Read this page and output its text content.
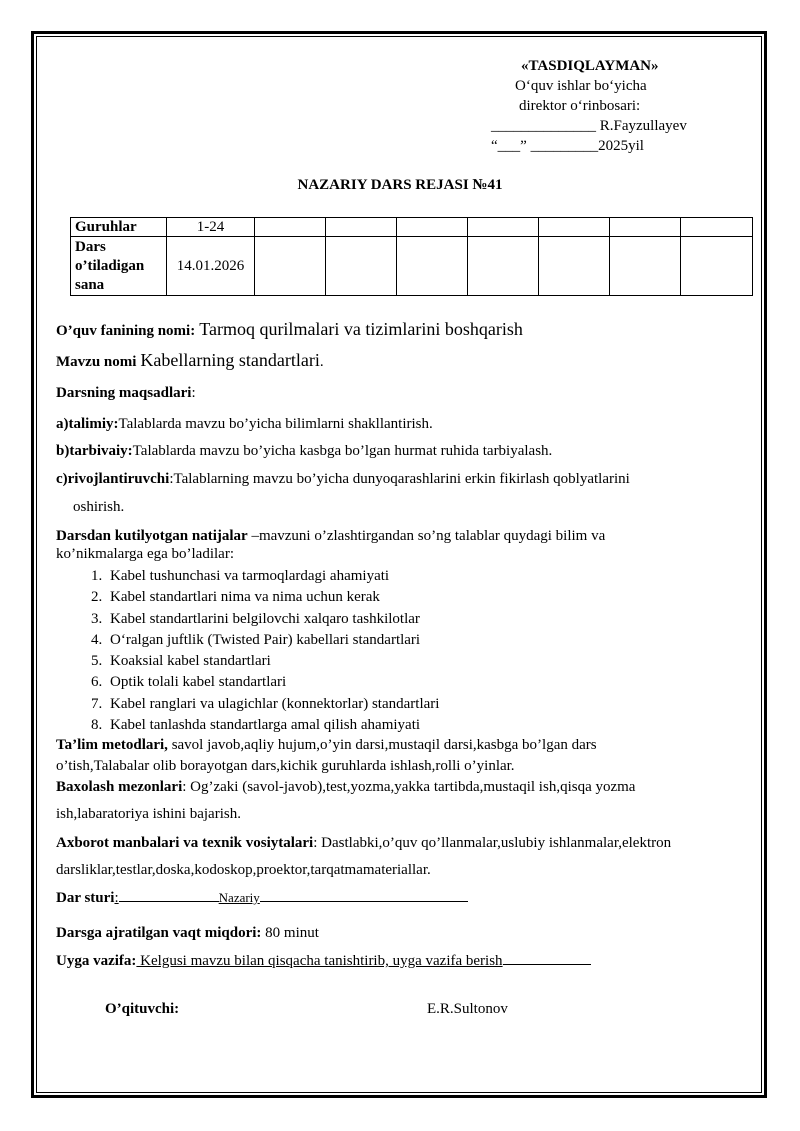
«TASDIQLAYMAN»
O‘quv ishlar bo‘yicha
direktor o‘rinbosari:
______________ R.Fayzullayev
“___” _________2025yil
NAZARIY DARS REJASI №41
Guruhlar	1-24							
Dars
o’tiladigan
sana	14.01.2026							
O’quv fanining nomi: Tarmoq qurilmalari va tizimlarini boshqarish
Mavzu nomi Kabellarning standartlari.
Darsning maqsadlari:
a)talimiy:Talablarda mavzu bo’yicha bilimlarni shakllantirish.
b)tarbivaiy:Talablarda mavzu bo’yicha kasbga bo’lgan hurmat ruhida tarbiyalash.
c)rivojlantiruvchi:Talablarning mavzu bo’yicha dunyoqarashlarini erkin fikirlash qoblyatlarini
oshirish.
Darsdan kutilyotgan natijalar –mavzuni o’zlashtirgandan so’ng talablar quydagi bilim va
ko’nikmalarga ega bo’ladilar:
1. Kabel tushunchasi va tarmoqlardagi ahamiyati
2. Kabel standartlari nima va nima uchun kerak
3. Kabel standartlarini belgilovchi xalqaro tashkilotlar
4. O‘ralgan juftlik (Twisted Pair) kabellari standartlari
5. Koaksial kabel standartlari
6. Optik tolali kabel standartlari
7. Kabel ranglari va ulagichlar (konnektorlar) standartlari
8. Kabel tanlashda standartlarga amal qilish ahamiyati
Ta’lim metodlari, savol javob,aqliy hujum,o’yin darsi,mustaqil darsi,kasbga bo’lgan dars
o’tish,Talabalar olib borayotgan dars,kichik guruhlarda ishlash,rolli o’yinlar.
Baxolash mezonlari: Og’zaki (savol-javob),test,yozma,yakka tartibda,mustaqil ish,qisqa yozma
ish,labaratoriya ishini bajarish.
Axborot manbalari va texnik vosiytalari: Dastlabki,o’quv qo’llanmalar,uslubiy ishlanmalar,elektron
darsliklar,testlar,doska,kodoskop,proektor,tarqatmamateriallar.
Dar sturi:	Nazariy
Darsga ajratilgan vaqt miqdori: 80 minut
Uyga vazifa: Kelgusi mavzu bilan qisqacha tanishtirib, uyga vazifa berish
O’qituvchi:	E.R.Sultonov
